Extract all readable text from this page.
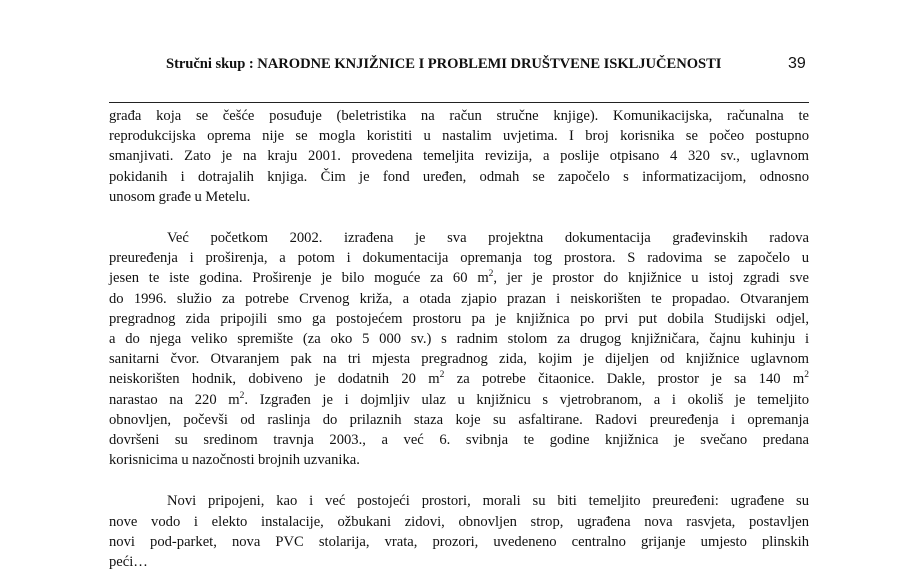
Stručni skup : NARODNE KNJIŽNICE I PROBLEMI DRUŠTVENE ISKLJUČENOSTI	39

građa koja se češće posuđuje (beletristika na račun stručne knjige). Komunikacijska, računalna te
reprodukcijska oprema nije se mogla koristiti u nastalim uvjetima. I broj korisnika se počeo postupno
smanjivati. Zato je na kraju 2001. provedena temeljita revizija, a poslije otpisano 4 320 sv., uglavnom
pokidanih i dotrajalih knjiga. Čim je fond uređen, odmah se započelo s informatizacijom, odnosno
unosom građe u Metelu.

Već početkom 2002. izrađena je sva projektna dokumentacija građevinskih radova
preuređenja i proširenja, a potom i dokumentacija opremanja tog prostora. S radovima se započelo u
jesen te iste godina. Proširenje je bilo moguće za 60 $m^2$, jer je prostor do knjižnice u istoj zgradi sve
do 1996. služio za potrebe Crvenog križa, a otada zjapio prazan i neiskorišten te propadao. Otvaranjem
pregradnog zida pripojili smo ga postojećem prostoru pa je knjižnica po prvi put dobila Studijski odjel,
a do njega veliko spremište (za oko 5 000 sv.) s radnim stolom za drugog knjižničara, čajnu kuhinju i
sanitarni čvor. Otvaranjem pak na tri mjesta pregradnog zida, kojim je dijeljen od knjižnice uglavnom
neiskorišten hodnik, dobiveno je dodatnih 20 $m^2$ za potrebe čitaonice. Dakle, prostor je sa 140 $m^2$
narastao na 220 $m^2$. Izgrađen je i dojmljiv ulaz u knjižnicu s vjetrobranom, a i okoliš je temeljito
obnovljen, počevši od raslinja do prilaznih staza koje su asfaltirane. Radovi preuređenja i opremanja
dovršeni su sredinom travnja 2003., a već 6. svibnja te godine knjižnica je svečano predana
korisnicima u nazočnosti brojnih uzvanika.

Novi pripojeni, kao i već postojeći prostori, morali su biti temeljito preuređeni: ugrađene su
nove vodo i elekto instalacije, ožbukani zidovi, obnovljen strop, ugrađena nova rasvjeta, postavljen
novi pod-parket, nova PVC stolarija, vrata, prozori, uvedeneno centralno grijanje umjesto plinskih
peći…
